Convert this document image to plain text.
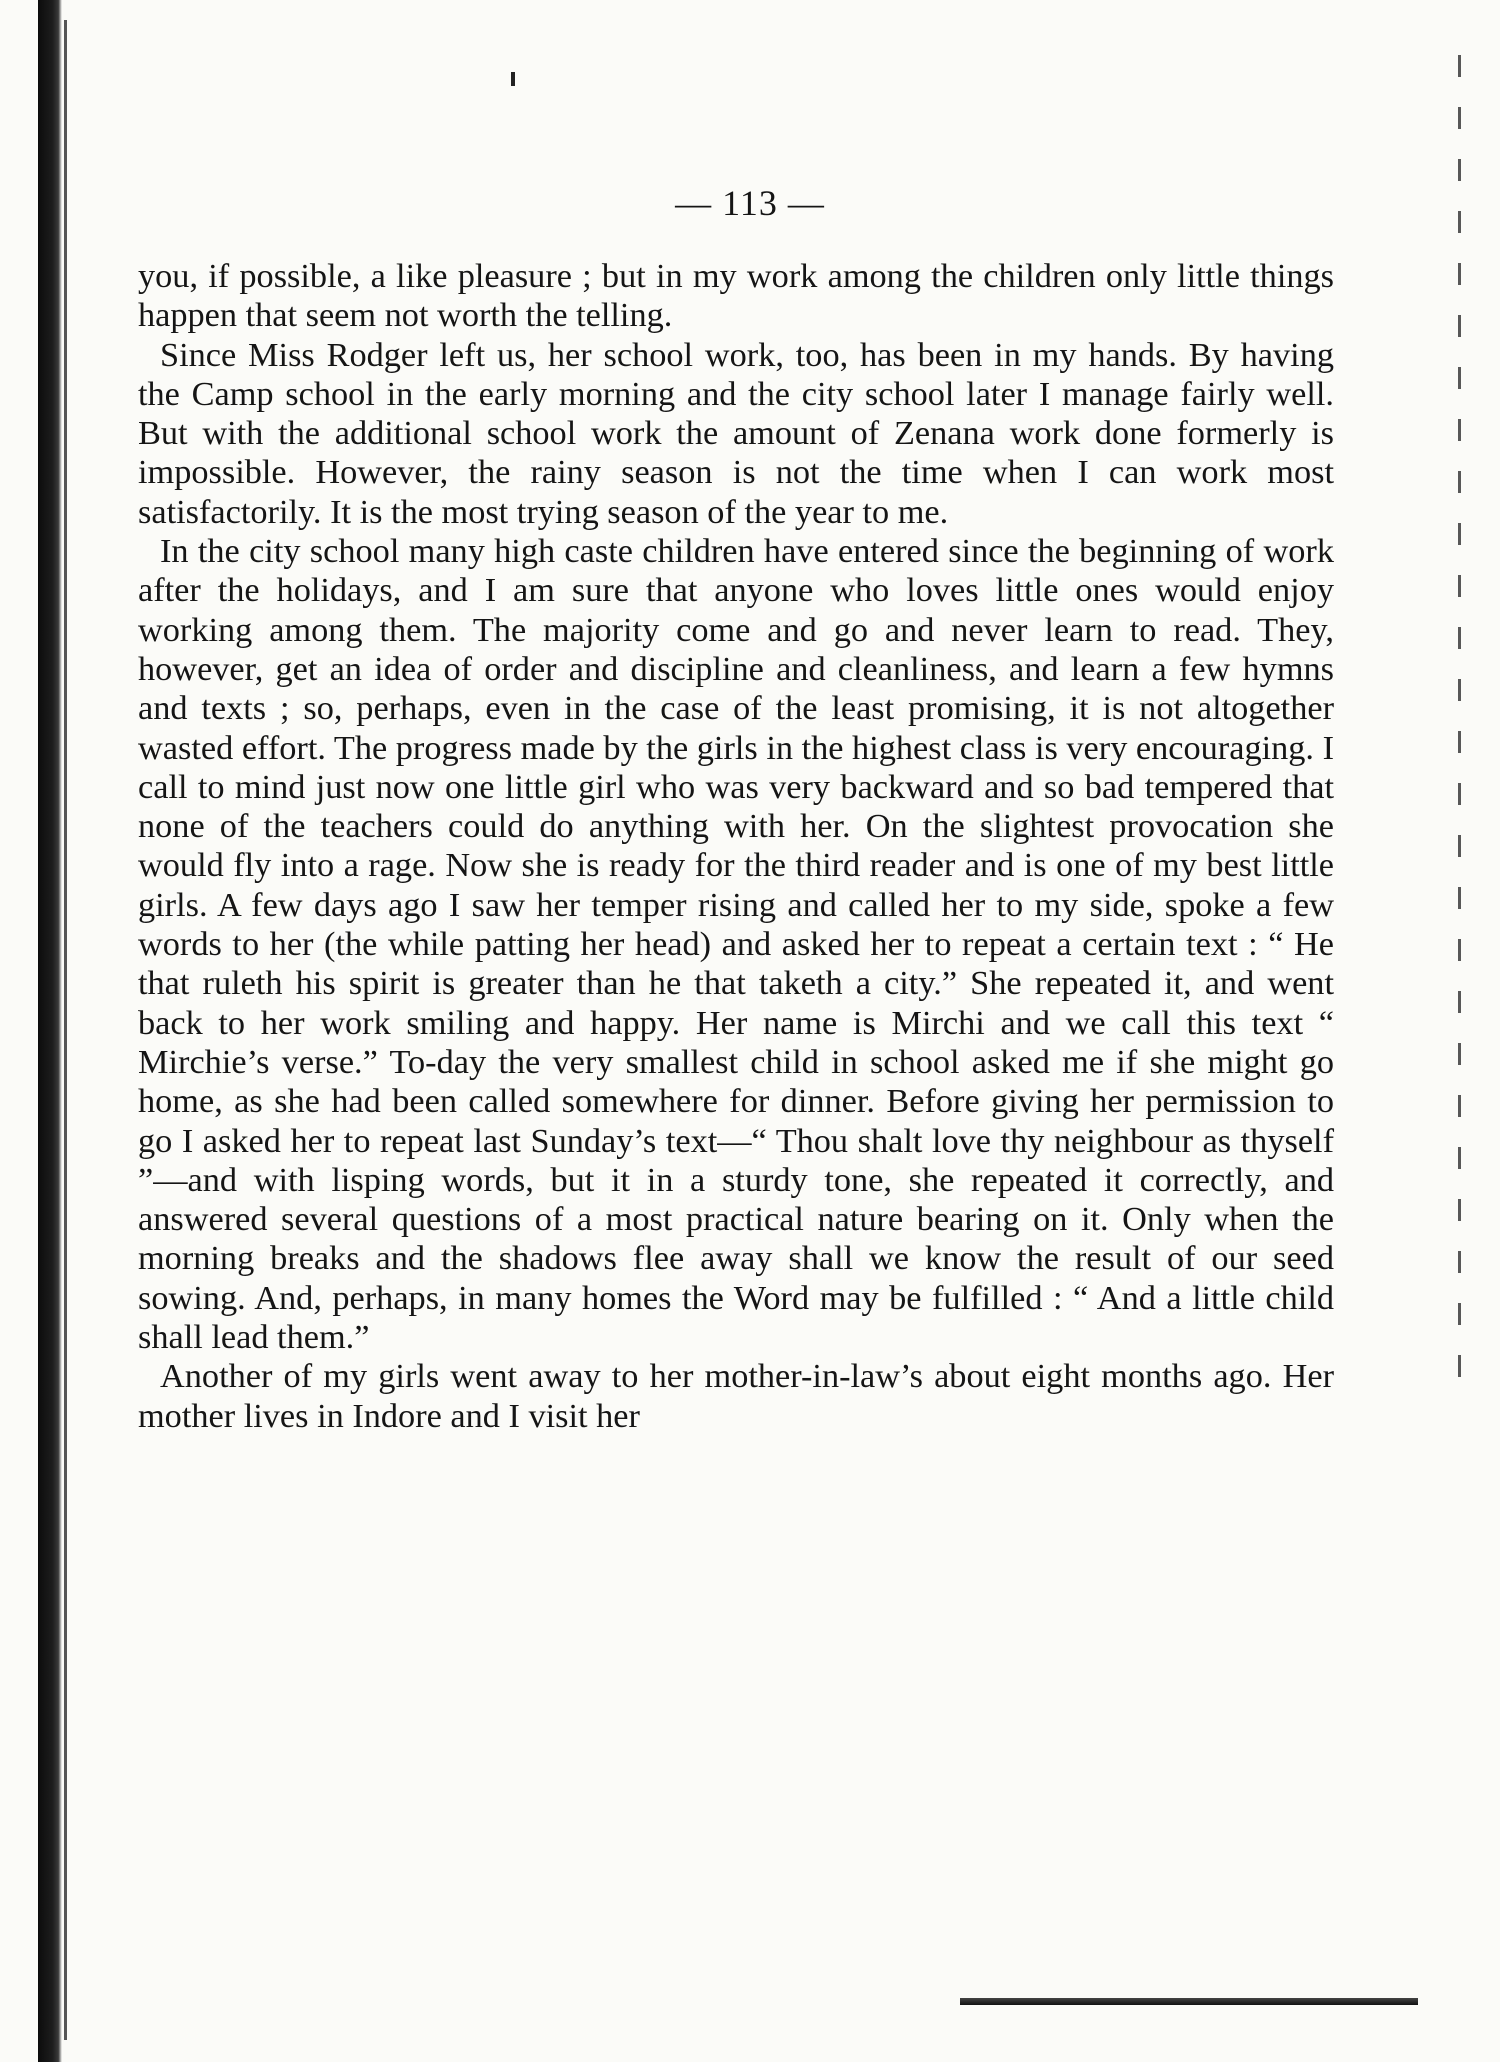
— 113 —

you, if possible, a like pleasure ; but in my work among the children only little things happen that seem not worth the telling.

Since Miss Rodger left us, her school work, too, has been in my hands. By having the Camp school in the early morning and the city school later I manage fairly well. But with the additional school work the amount of Zenana work done formerly is impossible. However, the rainy season is not the time when I can work most satisfactorily. It is the most trying season of the year to me.

In the city school many high caste children have entered since the beginning of work after the holidays, and I am sure that anyone who loves little ones would enjoy working among them. The majority come and go and never learn to read. They, however, get an idea of order and discipline and cleanliness, and learn a few hymns and texts ; so, perhaps, even in the case of the least promising, it is not altogether wasted effort. The progress made by the girls in the highest class is very encouraging. I call to mind just now one little girl who was very backward and so bad tempered that none of the teachers could do anything with her. On the slightest provocation she would fly into a rage. Now she is ready for the third reader and is one of my best little girls. A few days ago I saw her temper rising and called her to my side, spoke a few words to her (the while patting her head) and asked her to repeat a certain text : “ He that ruleth his spirit is greater than he that taketh a city.” She repeated it, and went back to her work smiling and happy. Her name is Mirchi and we call this text “ Mirchie’s verse.” To-day the very smallest child in school asked me if she might go home, as she had been called somewhere for dinner. Before giving her permission to go I asked her to repeat last Sunday’s text—“ Thou shalt love thy neighbour as thyself ”—and with lisping words, but it in a sturdy tone, she repeated it correctly, and answered several questions of a most practical nature bearing on it. Only when the morning breaks and the shadows flee away shall we know the result of our seed sowing. And, perhaps, in many homes the Word may be fulfilled : “ And a little child shall lead them.”

Another of my girls went away to her mother-in-law’s about eight months ago. Her mother lives in Indore and I visit her
